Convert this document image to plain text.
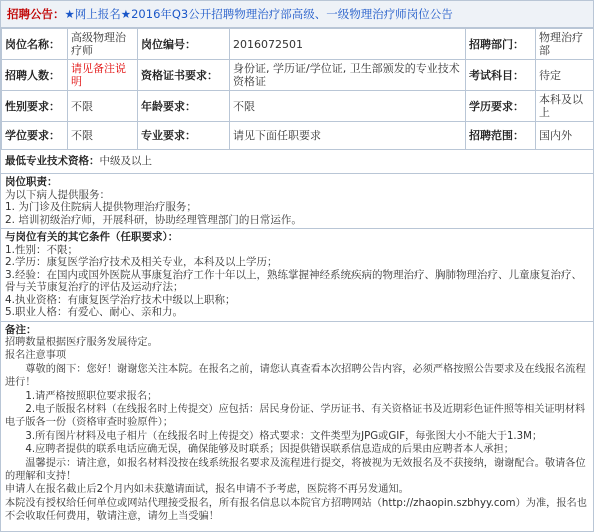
招聘公告：★网上报名★2016年Q3公开招聘物理治疗部高级、一级物理治疗师岗位公告
岗位名称：	高级物理治疗师	岗位编号：	2016072501	招聘部门：	物理治疗部
招聘人数：	请见备注说明	资格证书要求：	身份证, 学历证/学位证, 卫生部颁发的专业技术资格证	考试科目：	待定
性别要求：	不限	年龄要求：	不限	学历要求：	本科及以上
学位要求：	不限	专业要求：	请见下面任职要求	招聘范围：	国内外
最低专业技术资格：中级及以上
岗位职责：
为以下病人提供服务：
1. 为门诊及住院病人提供物理治疗服务；
2. 培训初级治疗师，开展科研，协助经理管理部门的日常运作。
与岗位有关的其它条件（任职要求）：
1.性别：不限；
2.学历：康复医学治疗技术及相关专业，本科及以上学历；
3.经验：在国内或国外医院从事康复治疗工作十年以上，熟练掌握神经系统疾病的物理治疗、胸肺物理治疗、儿童康复治疗、骨与关节康复治疗的评估及运动疗法；
4.执业资格：有康复医学治疗技术中级以上职称；
5.职业人格：有爱心、耐心、亲和力。
备注：
招聘数量根据医疗服务发展待定。
报名注意事项
　　尊敬的阁下：您好！谢谢您关注本院。在报名之前，请您认真查看本次招聘公告内容，必须严格按照公告要求及在线报名流程进行！
　　1.请严格按照职位要求报名；
　　2.电子版报名材料（在线报名时上传提交）应包括：居民身份证、学历证书、有关资格证书及近期彩色证件照等相关证明材料电子版各一份（资格审查时验原件）；
　　3.所有图片材料及电子相片（在线报名时上传提交）格式要求：文件类型为JPG或GIF，每张图大小不能大于1.3M；
　　4.应聘者提供的联系电话应确无误，确保能够及时联系；因提供错误联系信息造成的后果由应聘者本人承担；
　　温馨提示：请注意，如报名材料没按在线系统报名要求及流程进行提交，将被视为无效报名及不获接纳，谢谢配合。敬请各位的理解和支持！
申请人在报名截止后2个月内如未获邀请面试，报名申请不予考虑，医院将不再另发通知。
本院没有授权给任何单位或网站代理接受报名，所有报名信息以本院官方招聘网站（http://zhaopin.szbhyy.com）为准，报名也不会收取任何费用，敬请注意，请勿上当受骗！
